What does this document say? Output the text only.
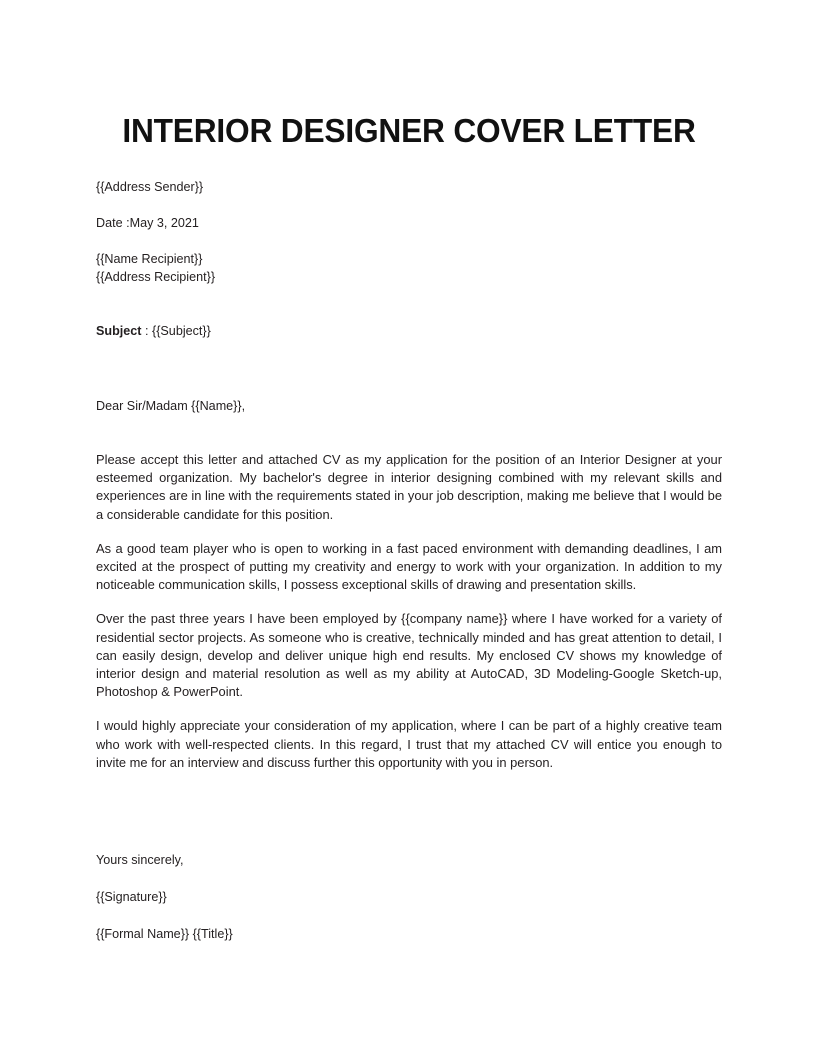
INTERIOR DESIGNER COVER LETTER
{{Address Sender}}
Date :May 3, 2021
{{Name Recipient}}
{{Address Recipient}}
Subject : {{Subject}}
Dear Sir/Madam {{Name}},

Please accept this letter and attached CV as my application for the position of an Interior Designer at your esteemed organization. My bachelor's degree in interior designing combined with my relevant skills and experiences are in line with the requirements stated in your job description, making me believe that I would be a considerable candidate for this position.

As a good team player who is open to working in a fast paced environment with demanding deadlines, I am excited at the prospect of putting my creativity and energy to work with your organization. In addition to my noticeable communication skills, I possess exceptional skills of drawing and presentation skills.

Over the past three years I have been employed by {{company name}} where I have worked for a variety of residential sector projects. As someone who is creative, technically minded and has great attention to detail, I can easily design, develop and deliver unique high end results. My enclosed CV shows my knowledge of interior design and material resolution as well as my ability at AutoCAD, 3D Modeling-Google Sketch-up, Photoshop & PowerPoint.

I would highly appreciate your consideration of my application, where I can be part of a highly creative team who work with well-respected clients. In this regard, I trust that my attached CV will entice you enough to invite me for an interview and discuss further this opportunity with you in person.

Yours sincerely,
{{Signature}}
{{Formal Name}} {{Title}}
